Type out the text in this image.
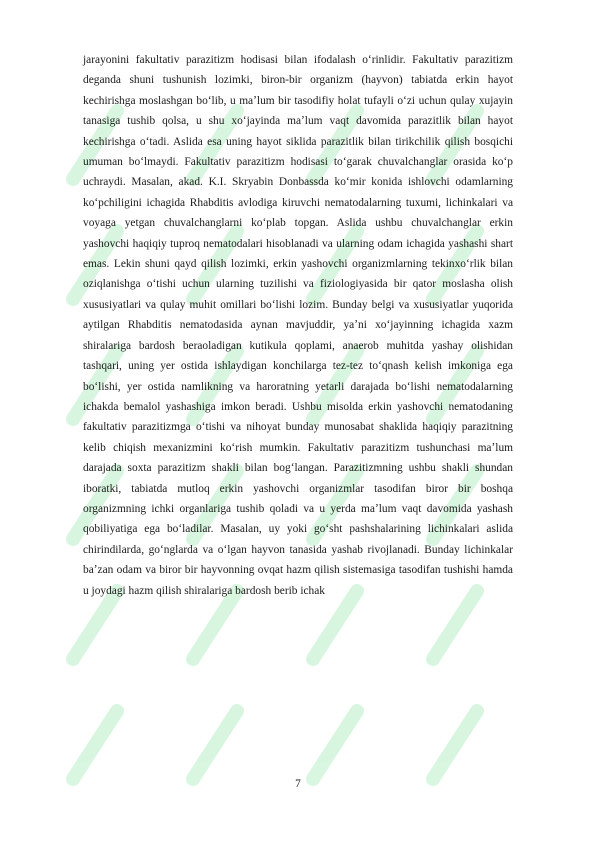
jarayonini fakultativ parazitizm hodisasi bilan ifodalash oʻrinlidir. Fakultativ parazitizm deganda shuni tushunish lozimki, biron-bir organizm (hayvon) tabiatda erkin hayot kechirishga moslashgan boʻlib, u maʼlum bir tasodifiy holat tufayli oʻzi uchun qulay xujayin tanasiga tushib qolsa, u shu xoʻjayinda maʼlum vaqt davomida parazitlik bilan hayot kechirishga oʻtadi. Aslida esa uning hayot siklida parazitlik bilan tirikchilik qilish bosqichi umuman boʻlmaydi. Fakultativ parazitizm hodisasi toʻgarak chuvalchanglar orasida koʻp uchraydi. Masalan, akad. K.I. Skryabin Donbassda koʻmir konida ishlovchi odamlarning koʻpchiligini ichagida Rhabditis avlodiga kiruvchi nematodalarning tuxumi, lichinkalari va voyaga yetgan chuvalchanglarni koʻplab topgan. Aslida ushbu chuvalchanglar erkin yashovchi haqiqiy tuproq nematodalari hisoblanadi va ularning odam ichagida yashashi shart emas. Lekin shuni qayd qilish lozimki, erkin yashovchi organizmlarning tekinxoʻrlik bilan oziqlanishga oʻtishi uchun ularning tuzilishi va fiziologiyasida bir qator moslasha olish xususiyatlari va qulay muhit omillari boʻlishi lozim. Bunday belgi va xususiyatlar yuqorida aytilgan Rhabditis nematodasida aynan mavjuddir, yaʼni xoʻjayinning ichagida xazm shiralariga bardosh beraoladigan kutikula qoplami, anaerob muhitda yashay olishidan tashqari, uning yer ostida ishlaydigan konchilarga tez-tez toʻqnash kelish imkoniga ega boʻlishi, yer ostida namlikning va haroratning yetarli darajada boʻlishi nematodalarning ichakda bemalol yashashiga imkon beradi. Ushbu misolda erkin yashovchi nematodaning fakultativ parazitizmga oʻtishi va nihoyat bunday munosabat shaklida haqiqiy parazitning kelib chiqish mexanizmini koʻrish mumkin. Fakultativ parazitizm tushunchasi maʼlum darajada soxta parazitizm shakli bilan bogʻlangan. Parazitizmning ushbu shakli shundan iboratki, tabiatda mutloq erkin yashovchi organizmlar tasodifan biror bir boshqa organizmning ichki organlariga tushib qoladi va u yerda maʼlum vaqt davomida yashash qobiliyatiga ega boʻladilar. Masalan, uy yoki goʻsht pashshalarining lichinkalari aslida chirindilarda, goʻnglarda va oʻlgan hayvon tanasida yashab rivojlanadi. Bunday lichinkalar baʼzan odam va biror bir hayvonning ovqat hazm qilish sistemasiga tasodifan tushishi hamda u joydagi hazm qilish shiralariga bardosh berib ichak

7
